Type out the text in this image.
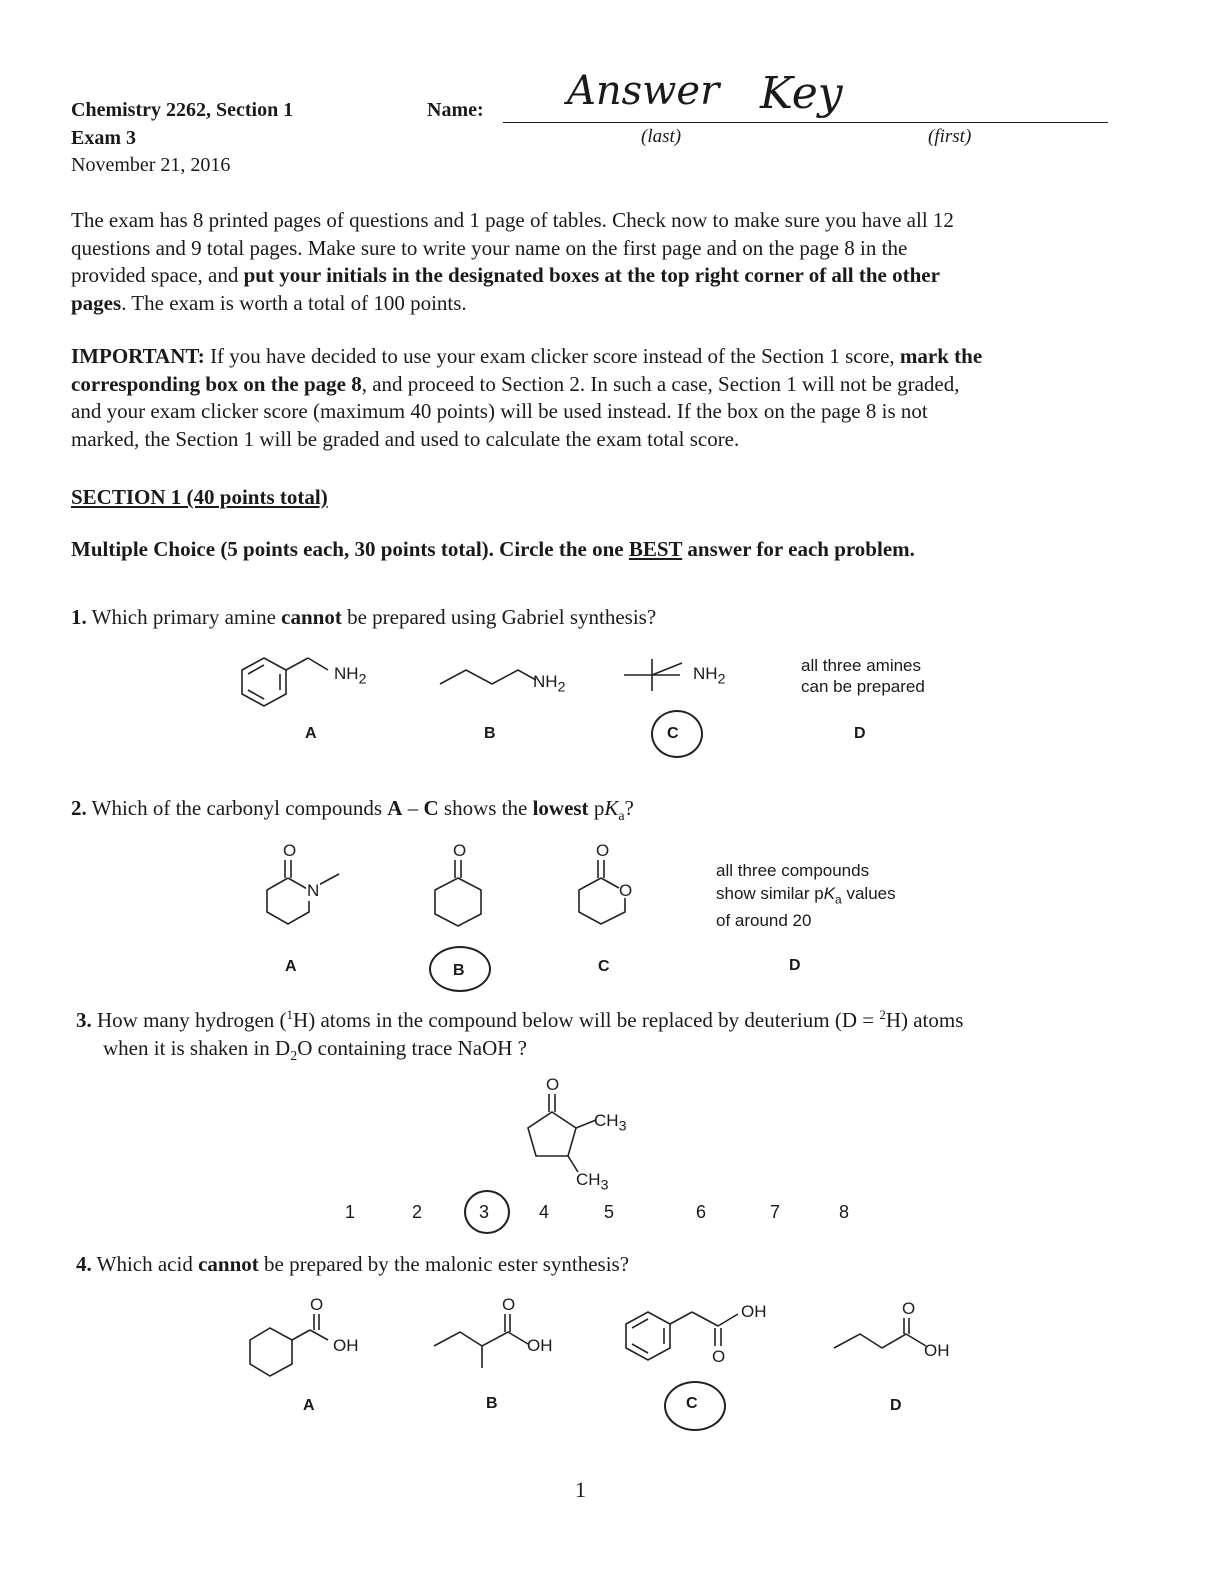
Chemistry 2262, Section 1
Exam 3
November 21, 2016
Name: Answer Key
(last)	(first)
The exam has 8 printed pages of questions and 1 page of tables. Check now to make sure you have all 12
questions and 9 total pages. Make sure to write your name on the first page and on the page 8 in the
provided space, and put your initials in the designated boxes at the top right corner of all the other
pages. The exam is worth a total of 100 points.
IMPORTANT: If you have decided to use your exam clicker score instead of the Section 1 score, mark the
corresponding box on the page 8, and proceed to Section 2. In such a case, Section 1 will not be graded,
and your exam clicker score (maximum 40 points) will be used instead. If the box on the page 8 is not
marked, the Section 1 will be graded and used to calculate the exam total score.
SECTION 1 (40 points total)
Multiple Choice (5 points each, 30 points total). Circle the one BEST answer for each problem.
1. Which primary amine cannot be prepared using Gabriel synthesis?
$NH_2$	$NH_2$
$NH_2$
all three amines
can be prepared
A	B	C	D
2. Which of the carbonyl compounds A – C shows the lowest $pK_a$?
O
N
O	O
O
all three compounds
show similar $pK_a$ values
of around 20
A	B	C	D
3. How many hydrogen ($^1$H) atoms in the compound below will be replaced by deuterium (D = $^2$H) atoms
when it is shaken in $D_2O$ containing trace NaOH ?
O
$CH_3$
$CH_3$
1	2	3	4	5	6	7	8
4. Which acid cannot be prepared by the malonic ester synthesis?
O
OH
O
OH
O
OH	O
OH
A	B	C	D
1
